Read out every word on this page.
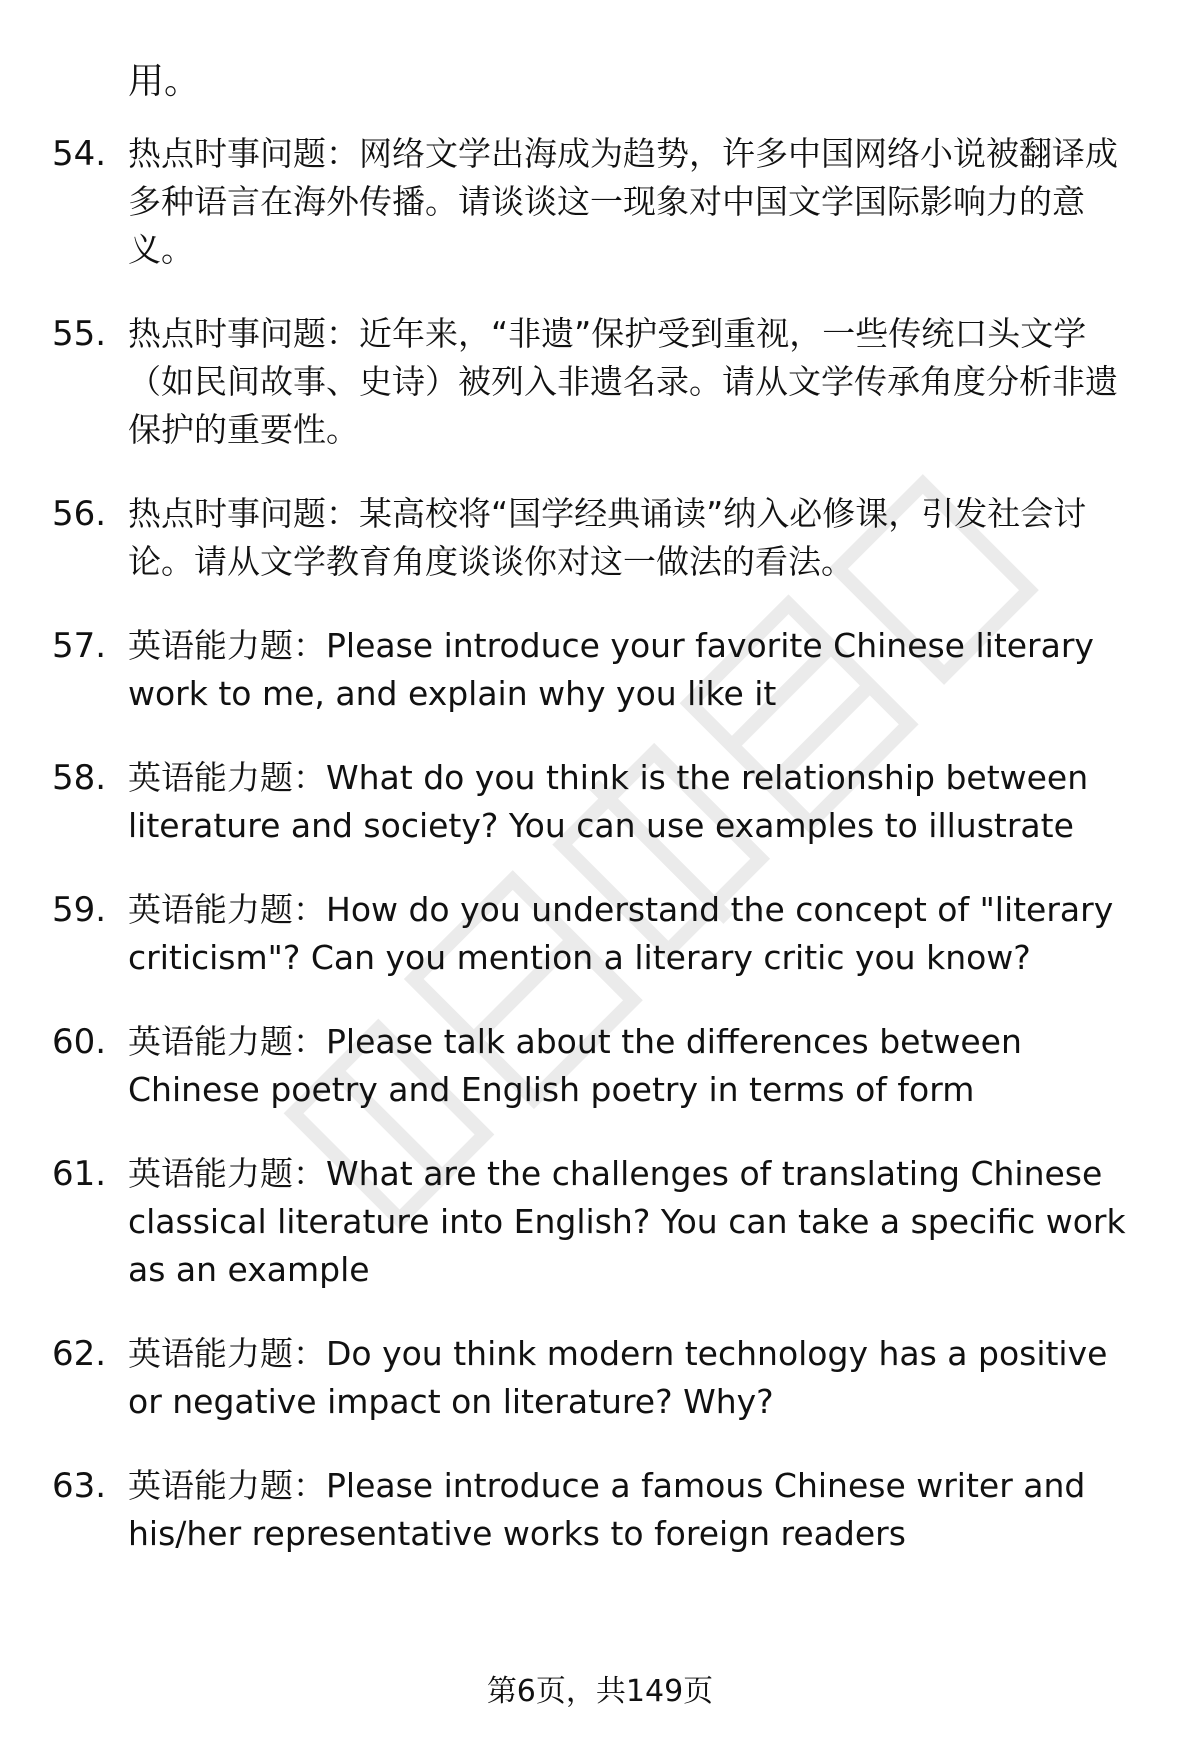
用。

54. 热点时事问题：网络文学出海成为趋势，许多中国网络小说被翻译成多种语言在海外传播。请谈谈这一现象对中国文学国际影响力的意义。
55. 热点时事问题：近年来，“非遗”保护受到重视，一些传统口头文学（如民间故事、史诗）被列入非遗名录。请从文学传承角度分析非遗保护的重要性。
56. 热点时事问题：某高校将“国学经典诵读”纳入必修课，引发社会讨论。请从文学教育角度谈谈你对这一做法的看法。
57. 英语能力题：Please introduce your favorite Chinese literary work to me, and explain why you like it
58. 英语能力题：What do you think is the relationship between literature and society? You can use examples to illustrate
59. 英语能力题：How do you understand the concept of "literary criticism"? Can you mention a literary critic you know?
60. 英语能力题：Please talk about the differences between Chinese poetry and English poetry in terms of form
61. 英语能力题：What are the challenges of translating Chinese classical literature into English? You can take a specific work as an example
62. 英语能力题：Do you think modern technology has a positive or negative impact on literature? Why?
63. 英语能力题：Please introduce a famous Chinese writer and his/her representative works to foreign readers
第6页，共149页
